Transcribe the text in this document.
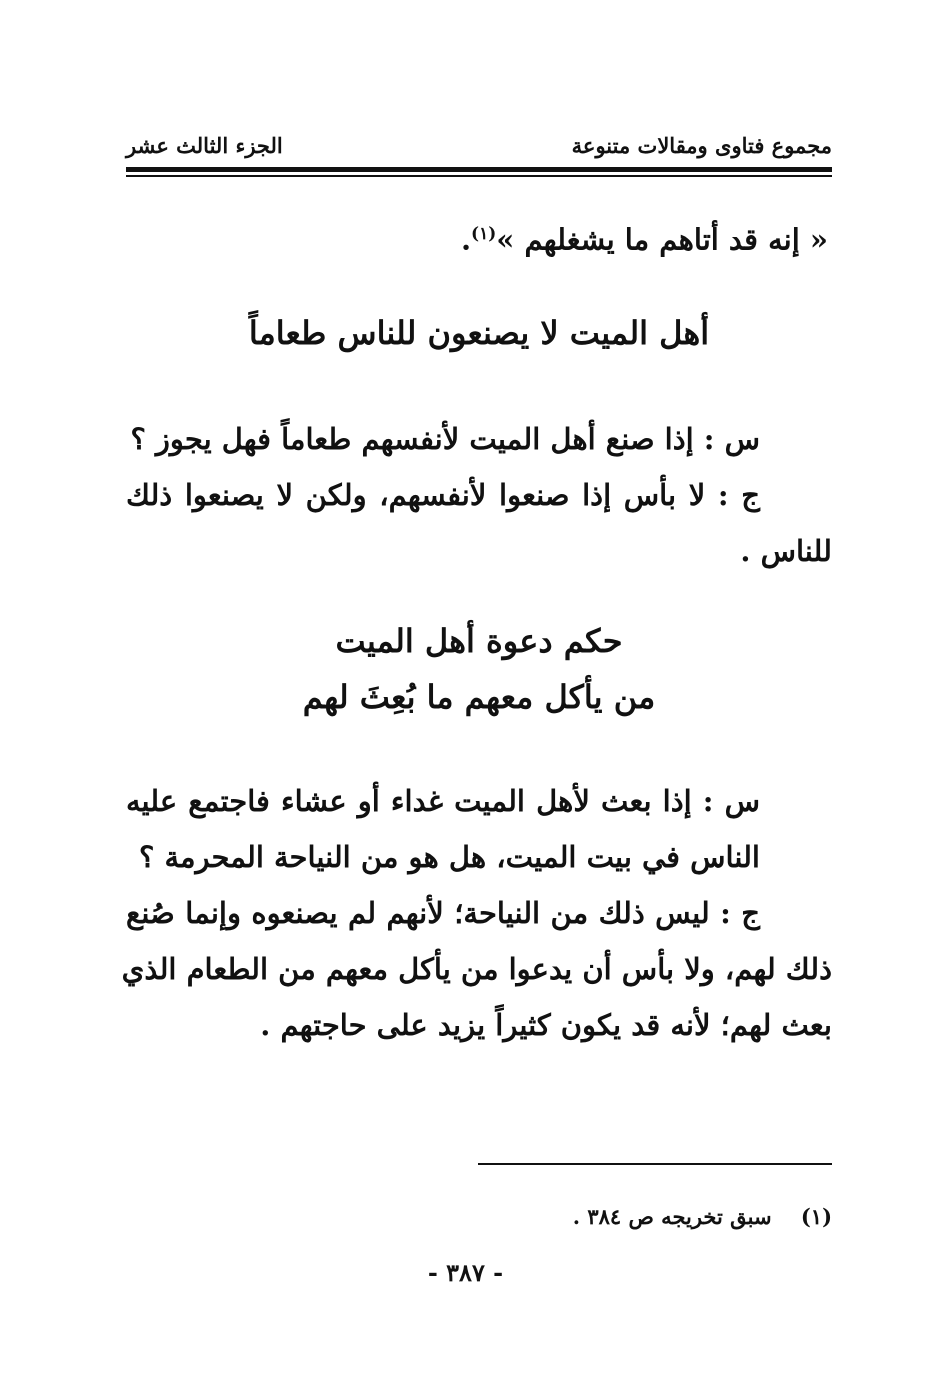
مجموع فتاوى ومقالات متنوعة
الجزء الثالث عشر
« إنه قد أتاهم ما يشغلهم »$^{(١)}$.
أهل الميت لا يصنعون للناس طعاماً
س : إذا صنع أهل الميت لأنفسهم طعاماً فهل يجوز ؟
ج : لا بأس إذا صنعوا لأنفسهم، ولكن لا يصنعوا ذلك
للناس .
حكم دعوة أهل الميت
من يأكل معهم ما بُعِثَ لهم
س : إذا بعث لأهل الميت غداء أو عشاء فاجتمع عليه
الناس في بيت الميت، هل هو من النياحة المحرمة ؟
ج : ليس ذلك من النياحة؛ لأنهم لم يصنعوه وإنما صُنع
ذلك لهم، ولا بأس أن يدعوا من يأكل معهم من الطعام الذي
بعث لهم؛ لأنه قد يكون كثيراً يزيد على حاجتهم .
(١)    سبق تخريجه ص ٣٨٤ .
- ٣٨٧ -
